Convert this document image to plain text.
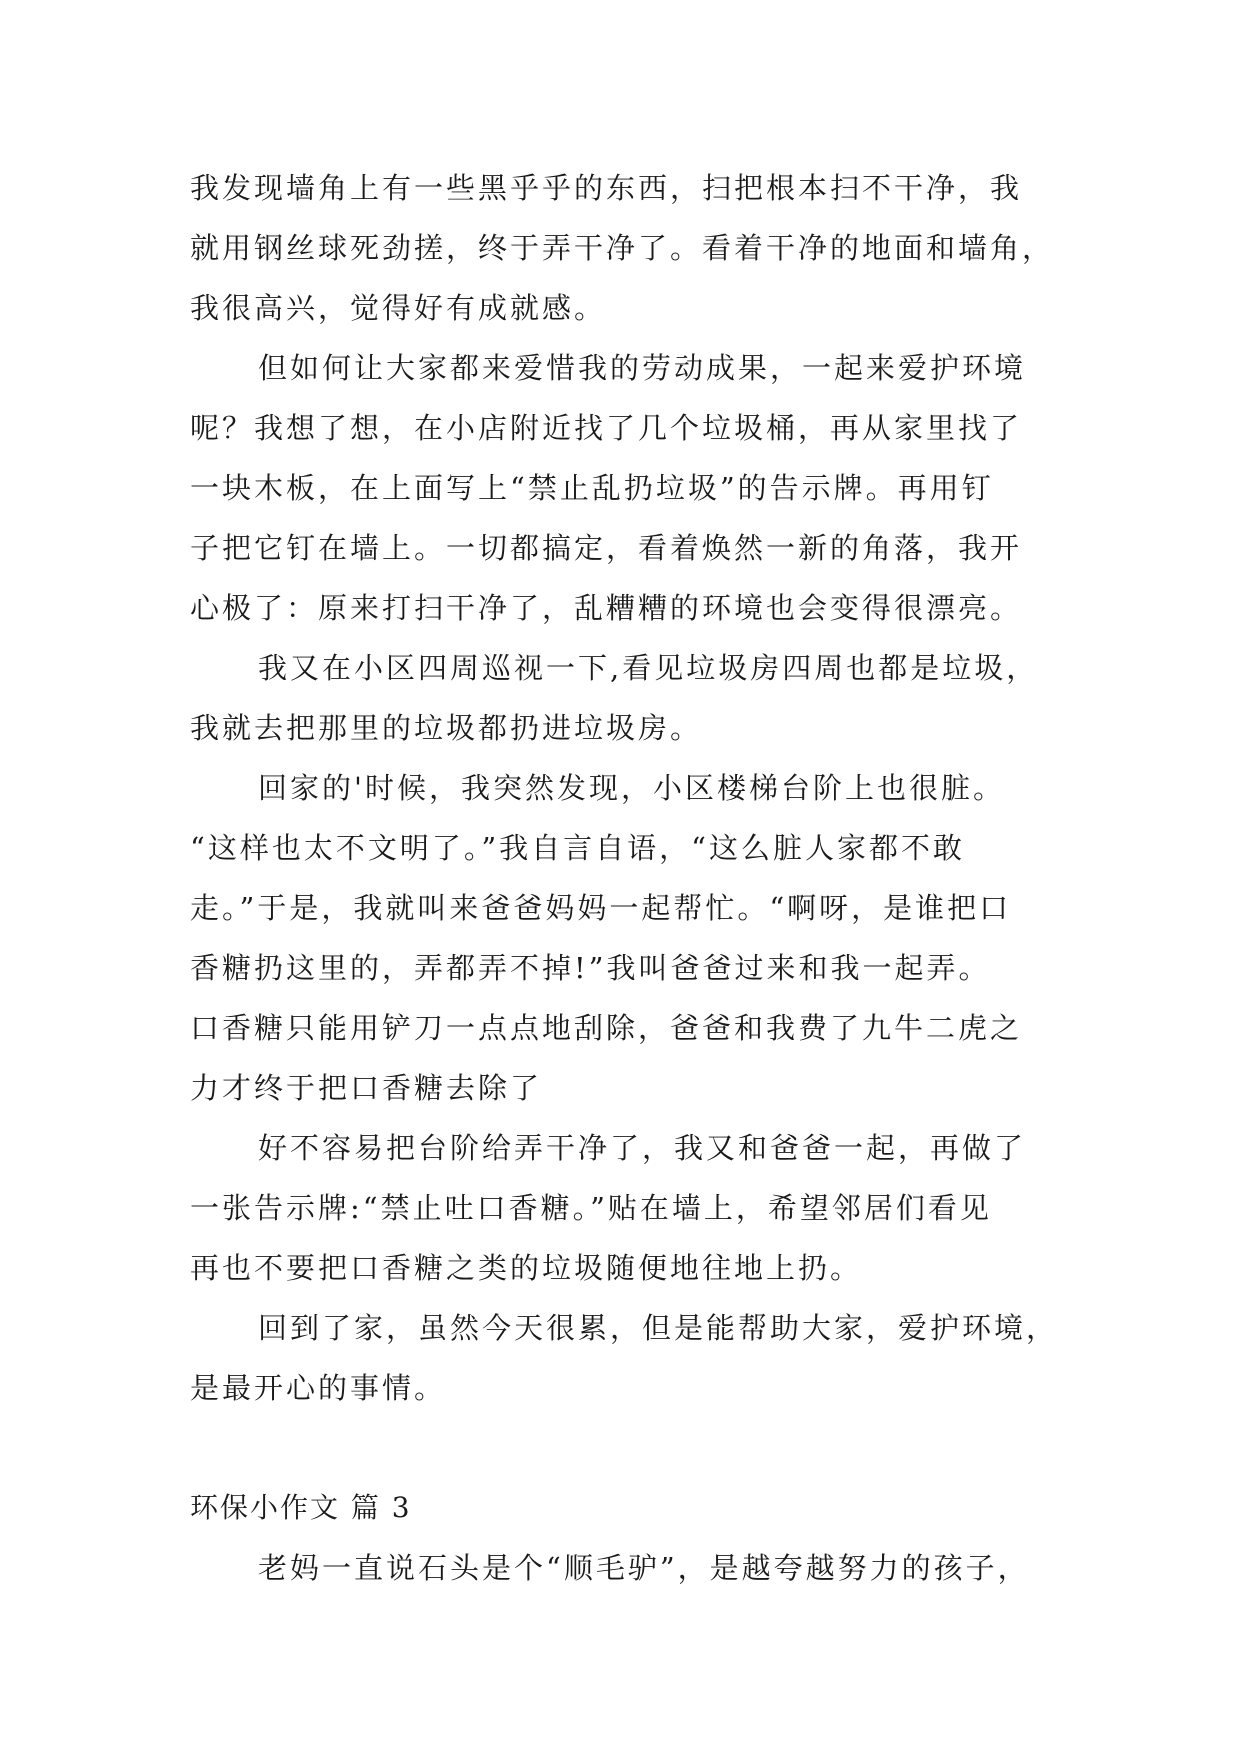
我发现墙角上有一些黑乎乎的东西，扫把根本扫不干净，我
就用钢丝球死劲搓，终于弄干净了。看着干净的地面和墙角，
我很高兴，觉得好有成就感。
但如何让大家都来爱惜我的劳动成果，一起来爱护环境
呢？我想了想，在小店附近找了几个垃圾桶，再从家里找了
一块木板，在上面写上“禁止乱扔垃圾”的告示牌。再用钉
子把它钉在墙上。一切都搞定，看着焕然一新的角落，我开
心极了：原来打扫干净了，乱糟糟的环境也会变得很漂亮。
我又在小区四周巡视一下,看见垃圾房四周也都是垃圾，
我就去把那里的垃圾都扔进垃圾房。
回家的'时候，我突然发现，小区楼梯台阶上也很脏。
“这样也太不文明了。”我自言自语，“这么脏人家都不敢
走。”于是，我就叫来爸爸妈妈一起帮忙。“啊呀，是谁把口
香糖扔这里的，弄都弄不掉!”我叫爸爸过来和我一起弄。
口香糖只能用铲刀一点点地刮除，爸爸和我费了九牛二虎之
力才终于把口香糖去除了
好不容易把台阶给弄干净了，我又和爸爸一起，再做了
一张告示牌:“禁止吐口香糖。”贴在墙上，希望邻居们看见
再也不要把口香糖之类的垃圾随便地往地上扔。
回到了家，虽然今天很累，但是能帮助大家，爱护环境，
是最开心的事情。
环保小作文 篇 3
老妈一直说石头是个“顺毛驴”，是越夸越努力的孩子，
